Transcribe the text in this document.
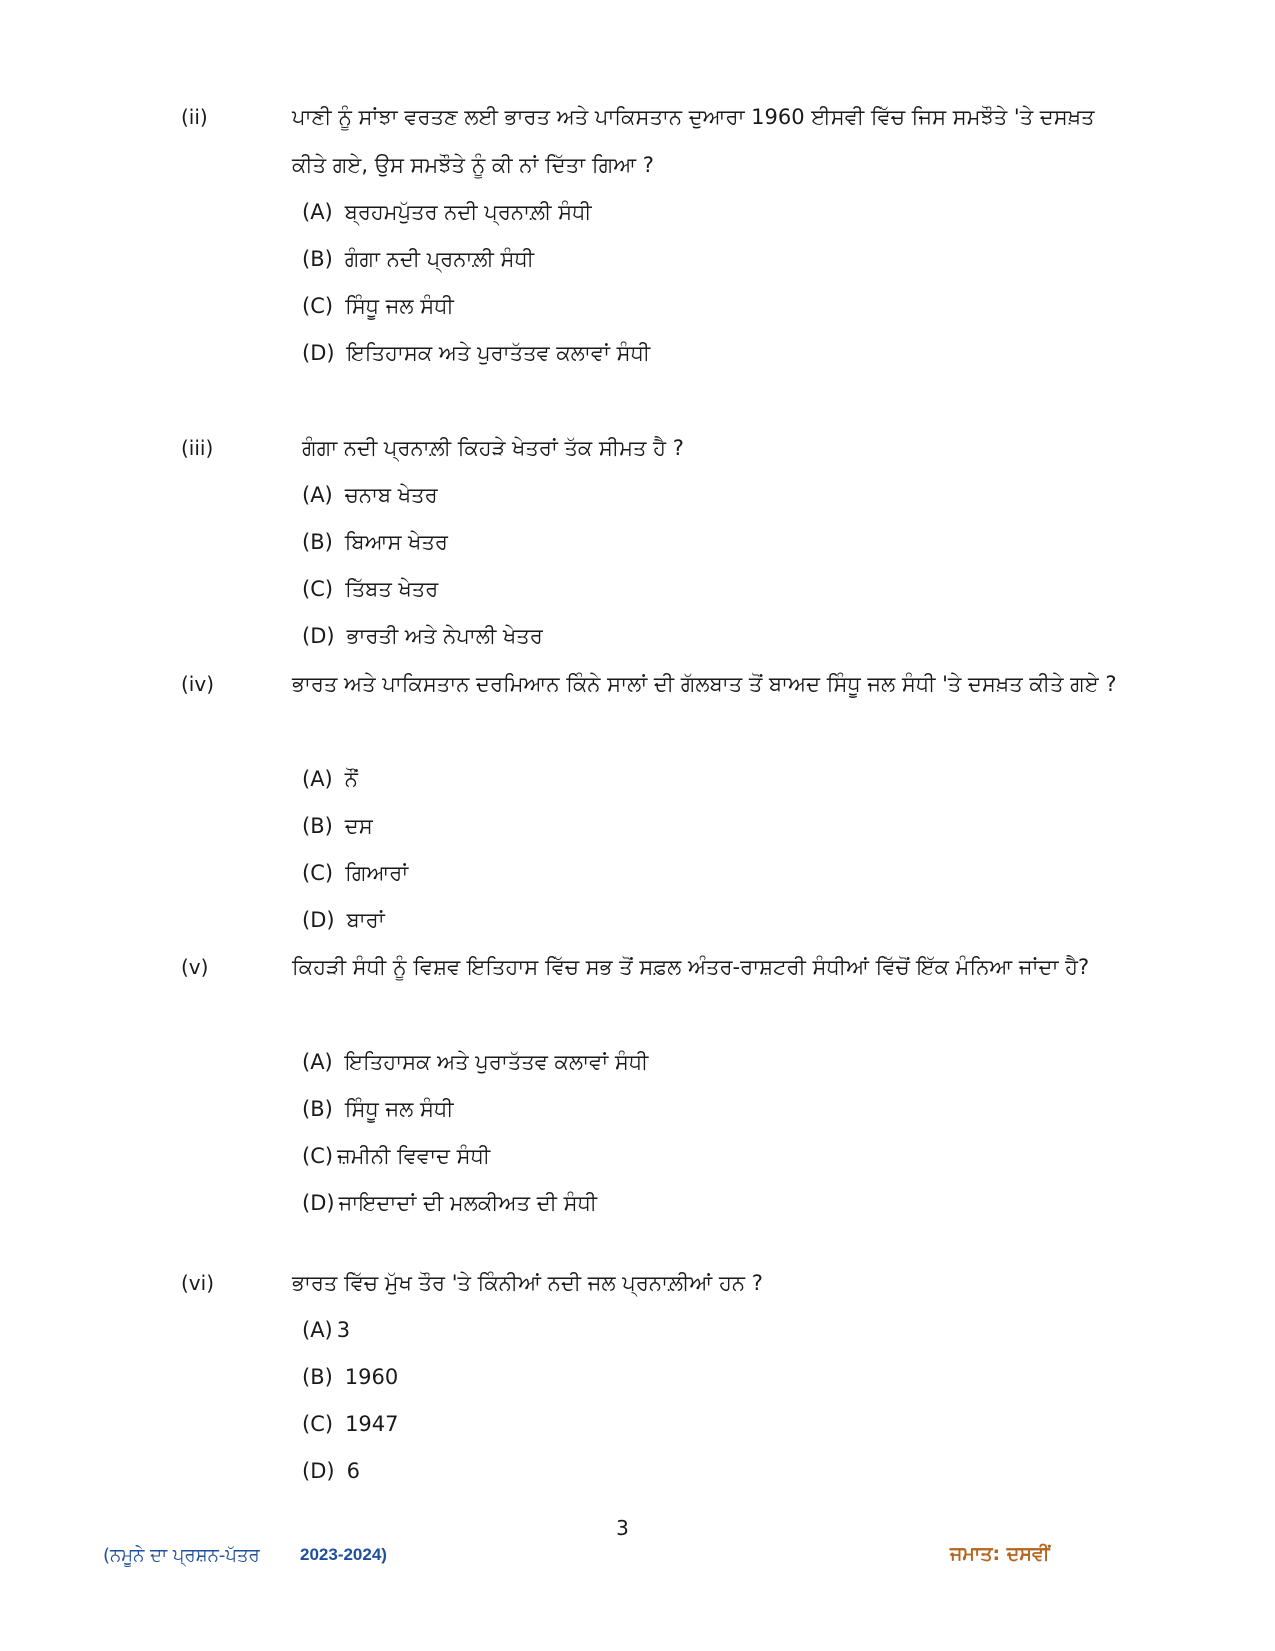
(ii)	ਪਾਣੀ ਨੂੰ ਸਾਂਝਾ ਵਰਤਣ ਲਈ ਭਾਰਤ ਅਤੇ ਪਾਕਿਸਤਾਨ ਦੁਆਰਾ 1960 ਈਸਵੀ ਵਿੱਚ ਜਿਸ ਸਮਝੌਤੇ 'ਤੇ ਦਸਖ਼ਤ ਕੀਤੇ ਗਏ, ਉਸ ਸਮਝੌਤੇ ਨੂੰ ਕੀ ਨਾਂ ਦਿੱਤਾ ਗਿਆ ?
(A) ਬ੍ਰਹਮਪੁੱਤਰ ਨਦੀ ਪ੍ਰਨਾਲ਼ੀ ਸੰਧੀ
(B) ਗੰਗਾ ਨਦੀ ਪ੍ਰਨਾਲ਼ੀ ਸੰਧੀ
(C) ਸਿੰਧੂ ਜਲ ਸੰਧੀ
(D) ਇਤਿਹਾਸਕ ਅਤੇ ਪੁਰਾਤੱਤਵ ਕਲਾਵਾਂ ਸੰਧੀ
(iii)	ਗੰਗਾ ਨਦੀ ਪ੍ਰਨਾਲ਼ੀ ਕਿਹੜੇ ਖੇਤਰਾਂ ਤੱਕ ਸੀਮਤ ਹੈ ?
(A) ਚਨਾਬ ਖੇਤਰ
(B) ਬਿਆਸ ਖੇਤਰ
(C) ਤਿੱਬਤ ਖੇਤਰ
(D) ਭਾਰਤੀ ਅਤੇ ਨੇਪਾਲੀ ਖੇਤਰ
(iv)	ਭਾਰਤ ਅਤੇ ਪਾਕਿਸਤਾਨ ਦਰਮਿਆਨ ਕਿੰਨੇ ਸਾਲਾਂ ਦੀ ਗੱਲਬਾਤ ਤੋਂ ਬਾਅਦ ਸਿੰਧੂ ਜਲ ਸੰਧੀ 'ਤੇ ਦਸਖ਼ਤ ਕੀਤੇ ਗਏ ?
(A) ਨੌਂ
(B) ਦਸ
(C) ਗਿਆਰਾਂ
(D) ਬਾਰਾਂ
(v)	ਕਿਹੜੀ ਸੰਧੀ ਨੂੰ ਵਿਸ਼ਵ ਇਤਿਹਾਸ ਵਿੱਚ ਸਭ ਤੋਂ ਸਫ਼ਲ ਅੰਤਰ-ਰਾਸ਼ਟਰੀ ਸੰਧੀਆਂ ਵਿੱਚੋਂ ਇੱਕ ਮੰਨਿਆ ਜਾਂਦਾ ਹੈ?
(A) ਇਤਿਹਾਸਕ ਅਤੇ ਪੁਰਾਤੱਤਵ ਕਲਾਵਾਂ ਸੰਧੀ
(B) ਸਿੰਧੂ ਜਲ ਸੰਧੀ
(C) ਜ਼ਮੀਨੀ ਵਿਵਾਦ ਸੰਧੀ
(D) ਜਾਇਦਾਦਾਂ ਦੀ ਮਲਕੀਅਤ ਦੀ ਸੰਧੀ
(vi)	ਭਾਰਤ ਵਿੱਚ ਮੁੱਖ ਤੌਰ 'ਤੇ ਕਿੰਨੀਆਂ ਨਦੀ ਜਲ ਪ੍ਰਨਾਲ਼ੀਆਂ ਹਨ ?
(A) 3
(B) 1960
(C) 1947
(D) 6
3
(ਨਮੂਨੇ ਦਾ ਪ੍ਰਸ਼ਨ-ਪੱਤਰ 2023-2024)	ਜਮਾਤ: ਦਸਵੀਂ
